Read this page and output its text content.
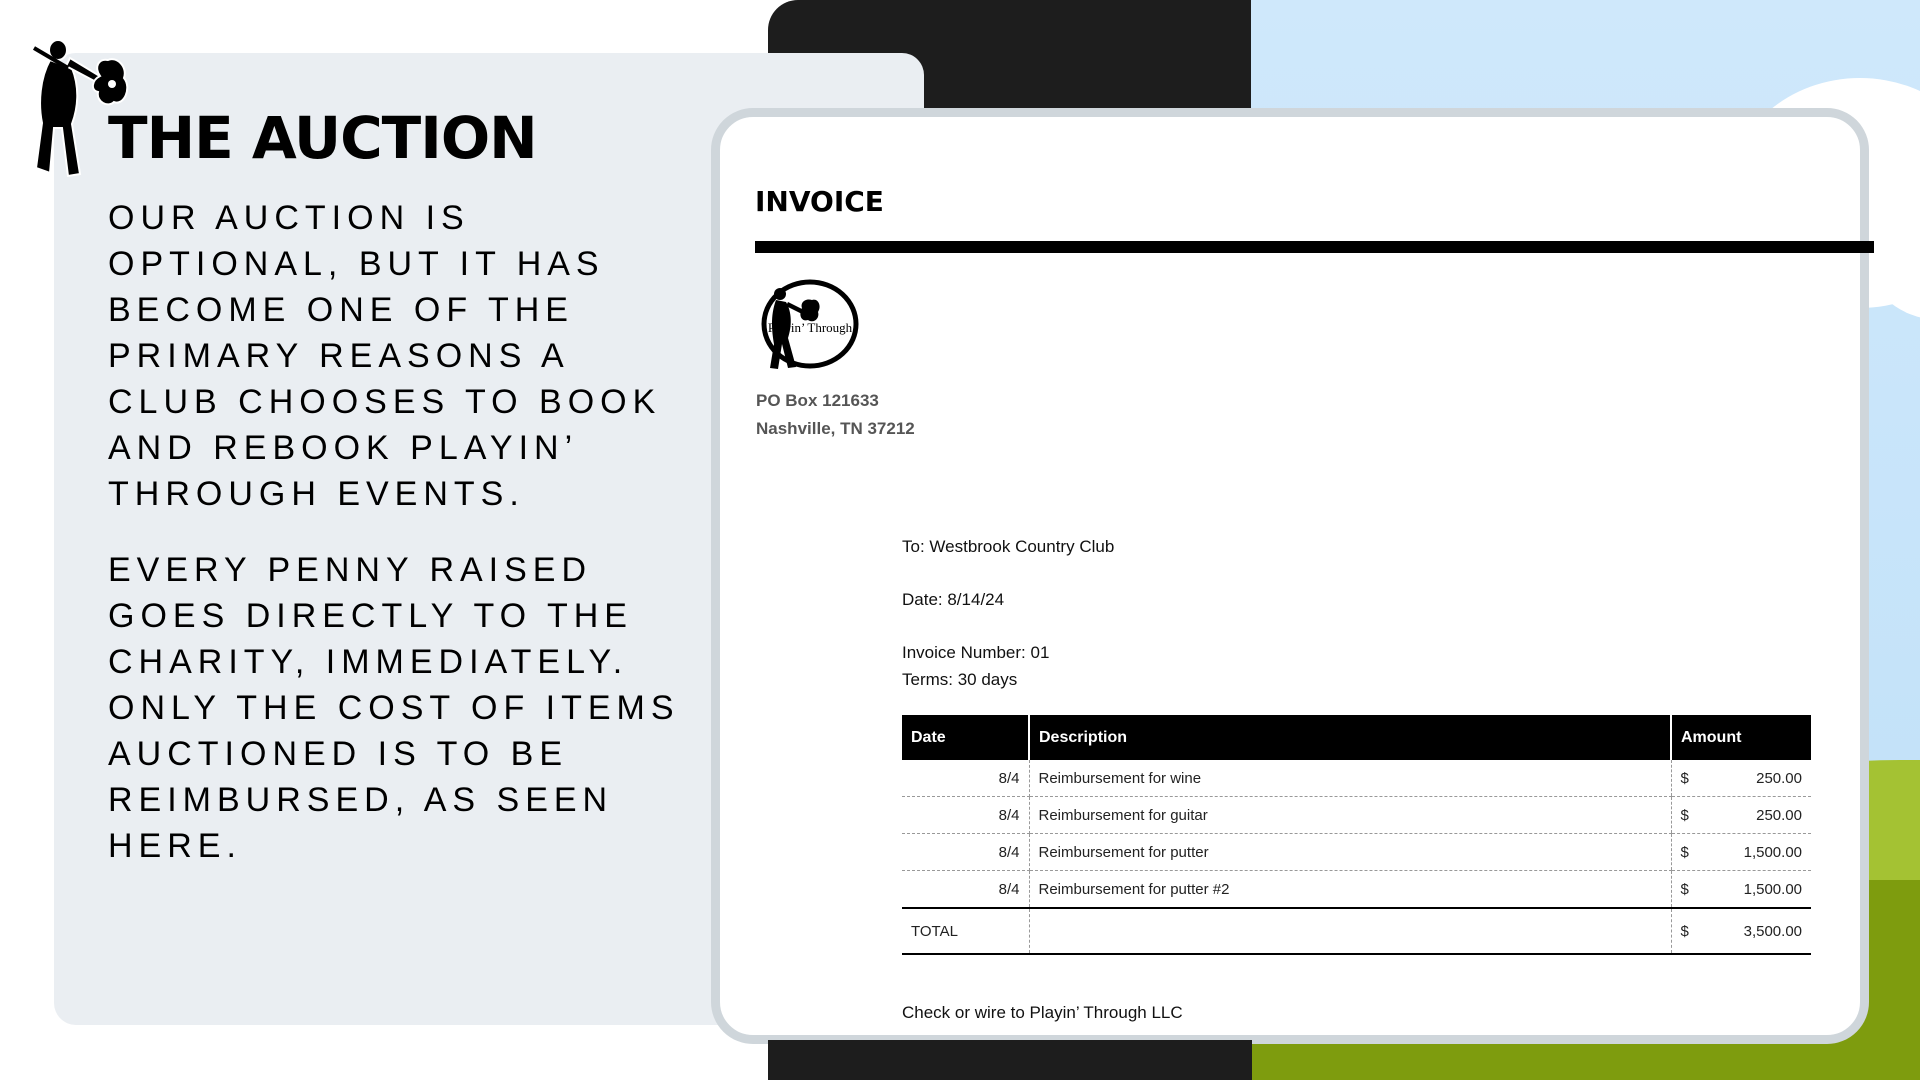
THE AUCTION

OUR AUCTION IS OPTIONAL, BUT IT HAS BECOME ONE OF THE PRIMARY REASONS A CLUB CHOOSES TO BOOK AND REBOOK PLAYIN’ THROUGH EVENTS.

EVERY PENNY RAISED GOES DIRECTLY TO THE CHARITY, IMMEDIATELY. ONLY THE COST OF ITEMS AUCTIONED IS TO BE REIMBURSED, AS SEEN HERE.

INVOICE
Playin’ Through
PO Box 121633
Nashville, TN 37212
To: Westbrook Country Club
Date: 8/14/24
Invoice Number: 01
Terms: 30 days
Date	Description	Amount
8/4	Reimbursement for wine	$ 250.00

8/4	Reimbursement for guitar	$ 250.00

8/4	Reimbursement for putter	$ 1,500.00

8/4	Reimbursement for putter #2	$ 1,500.00

TOTAL		$ 3,500.00
Check or wire to Playin’ Through LLC
